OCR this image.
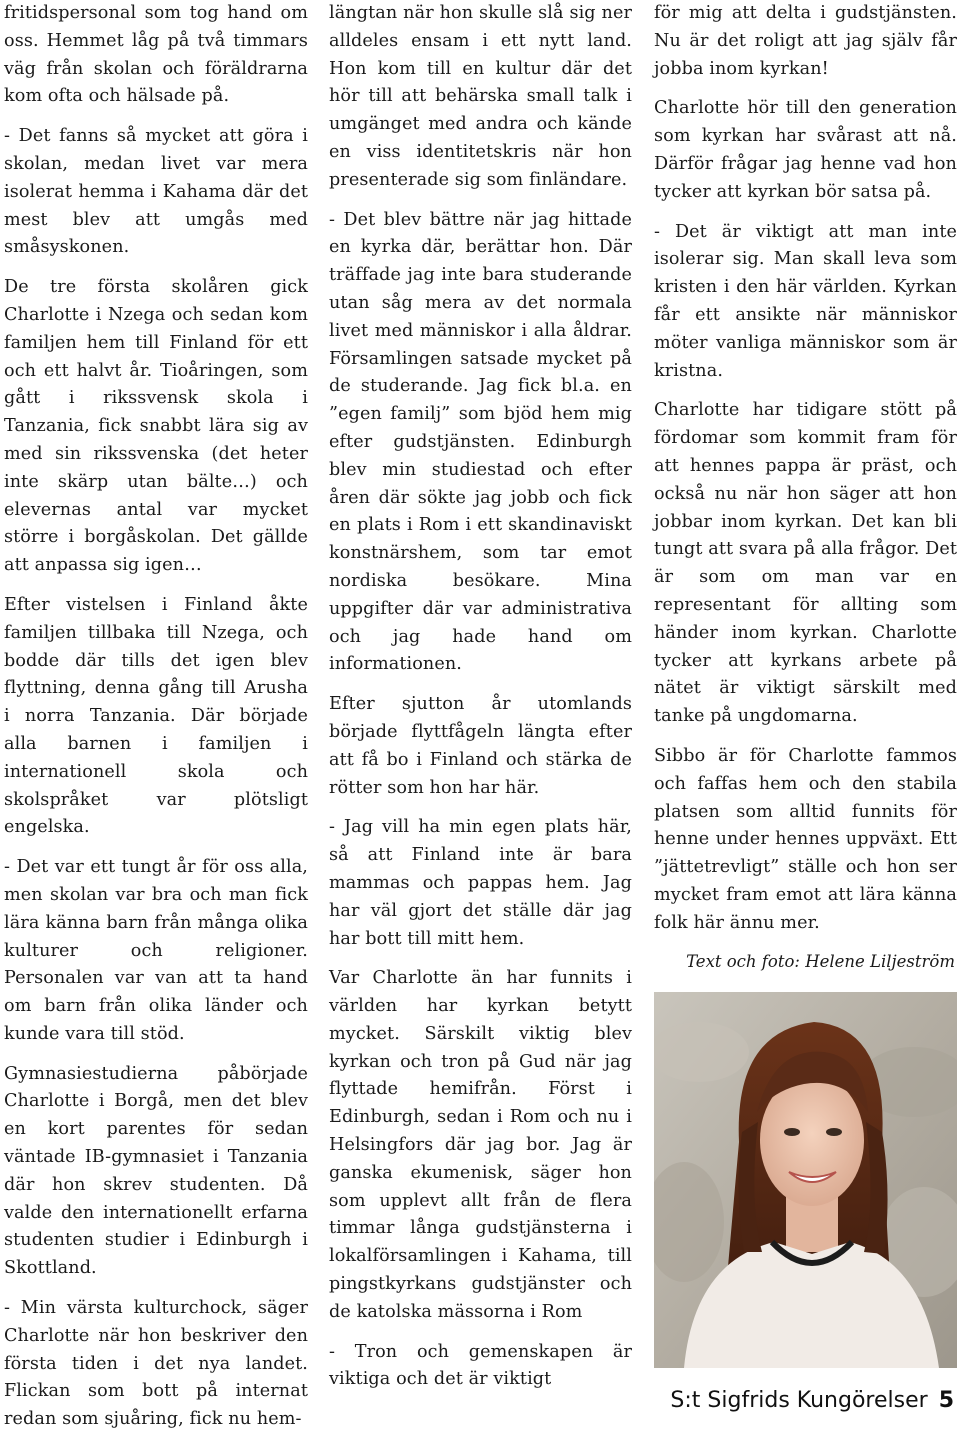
fritidspersonal som tog hand om oss. Hemmet låg på två timmars väg från skolan och föräldrarna kom ofta och hälsade på.

- Det fanns så mycket att göra i skolan, medan livet var mera isolerat hemma i Kahama där det mest blev att umgås med småsyskonen.

De tre första skolåren gick Charlotte i Nzega och sedan kom familjen hem till Finland för ett och ett halvt år. Tioåringen, som gått i rikssvensk skola i Tanzania, fick snabbt lära sig av med sin rikssvenska (det heter inte skärp utan bälte…) och elevernas antal var mycket större i borgåskolan. Det gällde att anpassa sig igen…

Efter vistelsen i Finland åkte familjen tillbaka till Nzega, och bodde där tills det igen blev flyttning, denna gång till Arusha i norra Tanzania. Där började alla barnen i familjen i internationell skola och skolspråket var plötsligt engelska.

- Det var ett tungt år för oss alla, men skolan var bra och man fick lära känna barn från många olika kulturer och religioner. Personalen var van att ta hand om barn från olika länder och kunde vara till stöd.

Gymnasiestudierna påbörjade Charlotte i Borgå, men det blev en kort parentes för sedan väntade IB-gymnasiet i Tanzania där hon skrev studenten. Då valde den internationellt erfarna studenten studier i Edinburgh i Skottland.

- Min värsta kulturchock, säger Charlotte när hon beskriver den första tiden i det nya landet. Flickan som bott på internat redan som sjuåring, fick nu hem-

längtan när hon skulle slå sig ner alldeles ensam i ett nytt land. Hon kom till en kultur där det hör till att behärska small talk i umgänget med andra och kände en viss identitetskris när hon presenterade sig som finländare.

- Det blev bättre när jag hittade en kyrka där, berättar hon. Där träffade jag inte bara studerande utan såg mera av det normala livet med människor i alla åldrar. Församlingen satsade mycket på de studerande. Jag fick bl.a. en ”egen familj” som bjöd hem mig efter gudstjänsten. Edinburgh blev min studiestad och efter åren där sökte jag jobb och fick en plats i Rom i ett skandinaviskt konstnärshem, som tar emot nordiska besökare. Mina uppgifter där var administrativa och jag hade hand om informationen.

Efter sjutton år utomlands började flyttfågeln längta efter att få bo i Finland och stärka de rötter som hon har här.

- Jag vill ha min egen plats här, så att Finland inte är bara mammas och pappas hem. Jag har väl gjort det ställe där jag har bott till mitt hem.

Var Charlotte än har funnits i världen har kyrkan betytt mycket. Särskilt viktig blev kyrkan och tron på Gud när jag flyttade hemifrån. Först i Edinburgh, sedan i Rom och nu i Helsingfors där jag bor. Jag är ganska ekumenisk, säger hon som upplevt allt från de flera timmar långa gudstjänsterna i lokalförsamlingen i Kahama, till pingstkyrkans gudstjänster och de katolska mässorna i Rom

- Tron och gemenskapen är viktiga och det är viktigt

för mig att delta i gudstjänsten. Nu är det roligt att jag själv får jobba inom kyrkan!

Charlotte hör till den generation som kyrkan har svårast att nå. Därför frågar jag henne vad hon tycker att kyrkan bör satsa på.

- Det är viktigt att man inte isolerar sig. Man skall leva som kristen i den här världen. Kyrkan får ett ansikte när människor möter vanliga människor som är kristna.

Charlotte har tidigare stött på fördomar som kommit fram för att hennes pappa är präst, och också nu när hon säger att hon jobbar inom kyrkan. Det kan bli tungt att svara på alla frågor. Det är som om man var en representant för allting som händer inom kyrkan. Charlotte tycker att kyrkans arbete på nätet är viktigt särskilt med tanke på ungdomarna.

Sibbo är för Charlotte fammos och faffas hem och den stabila platsen som alltid funnits för henne under hennes uppväxt. Ett ”jättetrevligt” ställe och hon ser mycket fram emot att lära känna folk här ännu mer.

Text och foto: Helene Liljeström

S:t Sigfrids Kungörelser 5
